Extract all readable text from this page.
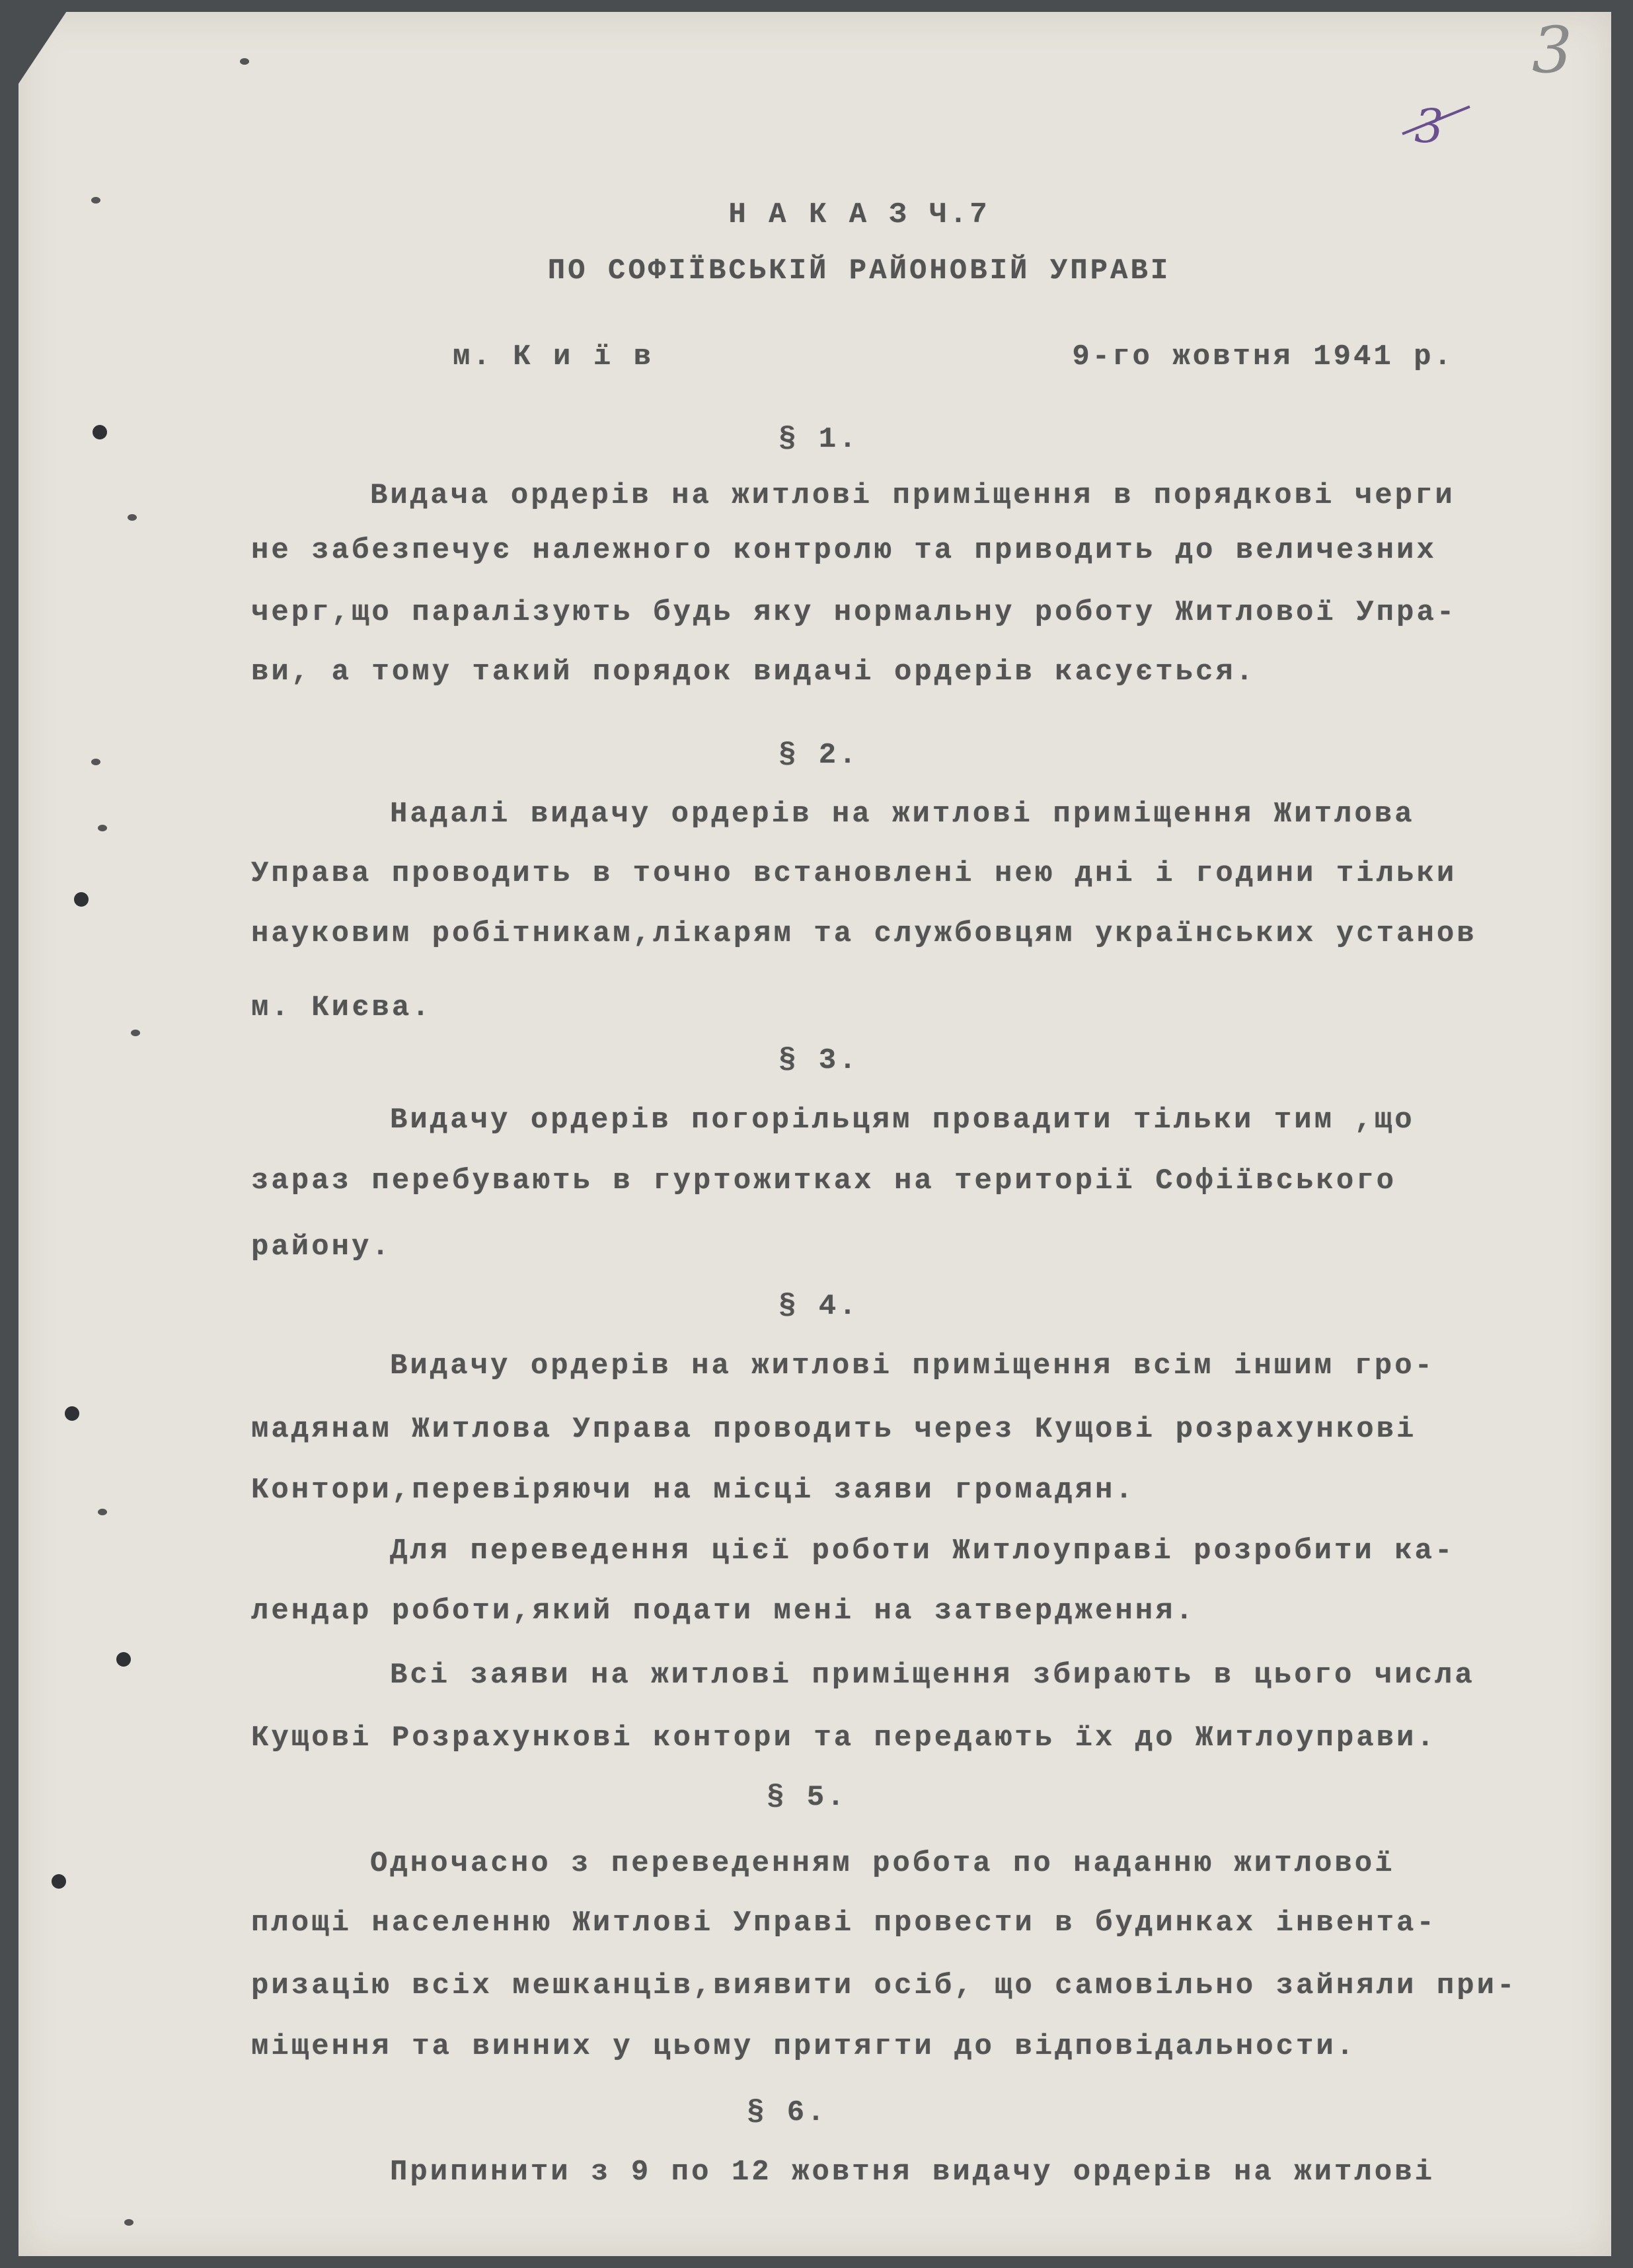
3
3

Н А К А З Ч.7

ПО СОФІЇВСЬКІЙ РАЙОНОВІЙ УПРАВІ

м. К и ї в	9-го жовтня 1941 р.

§ 1.

Видача ордерів на житлові приміщення в порядкові черги

не забезпечує належного контролю та приводить до величезних

черг,що паралізують будь яку нормальну роботу Житлової Упра-

ви, а тому такий порядок видачі ордерів касується.

§ 2.

Надалі видачу ордерів на житлові приміщення Житлова

Управа проводить в точно встановлені нею дні і години тільки

науковим робітникам,лікарям та службовцям українських установ

м. Києва.

§ 3.

Видачу ордерів погорільцям провадити тільки тим ,що

зараз перебувають в гуртожитках на території Софіївського

району.

§ 4.

Видачу ордерів на житлові приміщення всім іншим гро-

мадянам Житлова Управа проводить через Кущові розрахункові

Контори,перевіряючи на місці заяви громадян.

Для переведення цієї роботи Житлоуправі розробити ка-

лендар роботи,який подати мені на затвердження.

Всі заяви на житлові приміщення збирають в цього числа

Кущові Розрахункові контори та передають їх до Житлоуправи.

§ 5.

Одночасно з переведенням робота по наданню житлової

площі населенню Житлові Управі провести в будинках інвента-

ризацію всіх мешканців,виявити осіб, що самовільно зайняли при-

міщення та винних у цьому притягти до відповідальности.

§ 6.

Припинити з 9 по 12 жовтня видачу ордерів на житлові
